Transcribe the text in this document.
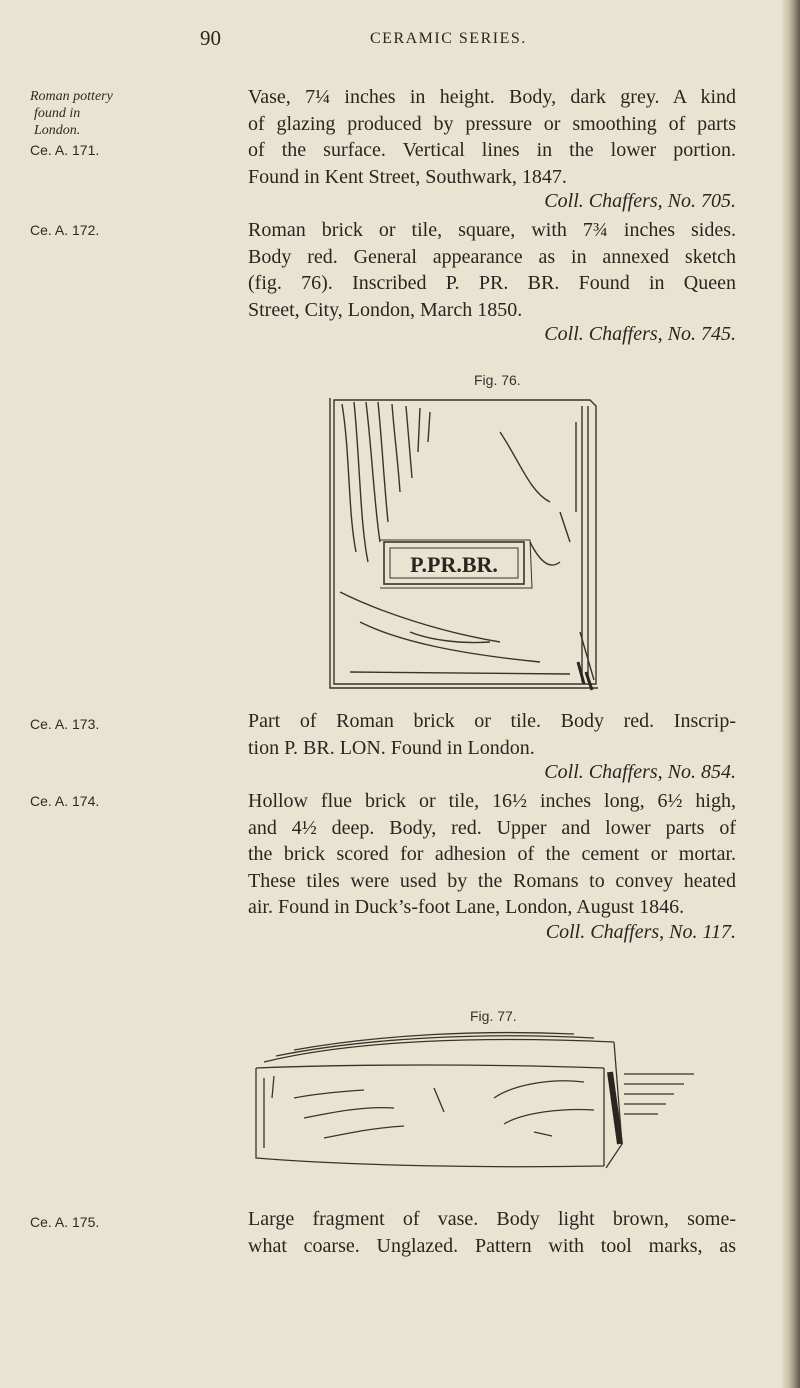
90	CERAMIC SERIES.
Roman pottery
found in
London.
Ce. A. 171.
Vase, 7¼ inches in height. Body, dark grey. A kind
of glazing produced by pressure or smoothing of parts
of the surface. Vertical lines in the lower portion.
Found in Kent Street, Southwark, 1847.
Coll. Chaffers, No. 705.
Ce. A. 172.	Roman brick or tile, square, with 7¾ inches sides.
Body red. General appearance as in annexed sketch
(fig. 76). Inscribed P. PR. BR. Found in Queen
Street, City, London, March 1850.
Coll. Chaffers, No. 745.
Fig. 76.
P.PR.BR.
Ce. A. 173.	Part of Roman brick or tile. Body red. Inscrip-
tion P. BR. LON. Found in London.
Coll. Chaffers, No. 854.
Ce. A. 174.	Hollow flue brick or tile, 16½ inches long, 6½ high,
and 4½ deep. Body, red. Upper and lower parts of
the brick scored for adhesion of the cement or mortar.
These tiles were used by the Romans to convey heated
air. Found in Duck’s-foot Lane, London, August 1846.
Coll. Chaffers, No. 117.
Fig. 77.
Ce. A. 175.	Large fragment of vase. Body light brown, some-
what coarse. Unglazed. Pattern with tool marks, as
